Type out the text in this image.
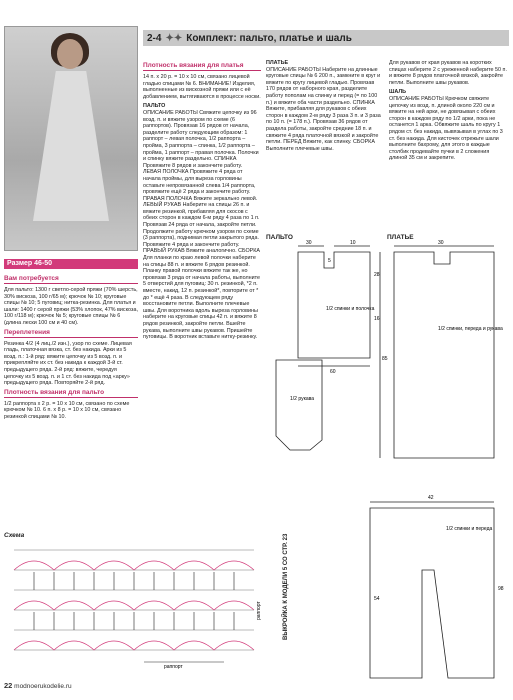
2-4 ✦✦ Комплект: пальто, платье и шаль
Размер 46-50
Вам потребуется
Для пальто: 1300 г светло-серой пряжи (70% шерсть, 30% вискоза, 100 г/65 м); крючок № 10; круговые спицы № 10; 5 пуговиц; нитка-резинка. Для платья и шали: 1400 г серой пряжи (53% хлопок, 47% вискоза, 100 г/118 м); крючок № 5; круговые спицы № 6 (длина лески 100 см и 40 см).
Переплетения
Резинка 4/2 (4 лиц./2 изн.), узор по схеме. Лицевая гладь, платочная вязка, ст. без накида. Арки из 5 возд. п.: 1-й ряд: вяжите цепочку из 5 возд. п. и прикрепляйте их ст. без накида к каждой 3-й ст. предыдущего ряда. 2-й ряд: вяжите, чередуя цепочку из 5 возд. п. и 1 ст. без накида под «арку» предыдущего ряда. Повторяйте 2-й ряд.
Плотность вязания для пальто
1/2 раппорта х 2 р. = 10 х 10 см, связано по схеме крючком № 10. 6 п. х 8 р. = 10 х 10 см, связано резинкой спицами № 10.
Плотность вязания для платья
14 п. х 20 р. = 10 х 10 см, связано лицевой гладью спицами № 6. ВНИМАНИЕ! Изделия, выполненные из вискозной пряжи или с её добавлением, вытягиваются в процессе носки.
ПАЛЬТО
ОПИСАНИЕ РАБОТЫ Свяжите цепочку из 96 возд. п. и вяжите узором по схеме (6 раппортов). Провязав 16 рядов от начала, разделите работу следующим образом: 1 раппорт – левая полочка, 1/2 раппорта – пройма, 3 раппорта – спинка, 1/2 раппорта – пройма, 1 раппорт – правая полочка. Полочки и спинку вяжите раздельно. СПИНКА Провяжите 8 рядов и закончите работу. ЛЕВАЯ ПОЛОЧКА Провяжите 4 ряда от начала проймы, для выреза горловины оставьте непровязанной слева 1/4 раппорта, провяжите ещё 2 ряда и закончите работу. ПРАВАЯ ПОЛОЧКА Вяжите зеркально левой. ЛЕВЫЙ РУКАВ Наберите на спицы 26 п. и вяжите резинкой, прибавляя для скосов с обеих сторон в каждом 6-м ряду 4 раза по 1 п. Провязав 24 ряда от начала, закройте петли. Продолжите работу крючком узором по схеме (3 раппорта), поднимая петли закрытого ряда. Провяжите 4 ряда и закончите работу. ПРАВЫЙ РУКАВ Вяжите аналогично. СБОРКА Для планки по краю левой полочки наберите на спицы 88 п. и вяжите 6 рядов резинкой. Планку правой полочки вяжите так же, но провязав 3 ряда от начала работы, выполните 5 отверстий для пуговиц: 30 п. резинкой, *2 п. вместе, накид, 12 п. резинкой*, повторите от * до * ещё 4 раза. В следующем ряду восстановите петли. Выполните плечевые швы. Для воротника вдоль выреза горловины наберите на круговые спицы 42 п. и вяжите 8 рядов резинкой, закройте петли. Вшейте рукава, выполните швы рукавов. Пришейте пуговицы. В воротник вставьте нитку-резинку.
ПЛАТЬЕ
ОПИСАНИЕ РАБОТЫ Наберите на длинные круговые спицы № 6 200 п., замкните в круг и вяжите по кругу лицевой гладью. Провязав 170 рядов от наборного края, разделите работу пополам на спинку и перед (= по 100 п.) и вяжите оба части раздельно. СПИНКА Вяжите, прибавляя для рукавов с обеих сторон в каждом 2-м ряду 3 раза 3 п. и 3 раза по 10 п. (= 178 п.). Провязав 36 рядов от раздела работы, закройте средние 18 п. и свяжите 4 ряда платочной вязкой и закройте петли. ПЕРЕД Вяжите, как спинку. СБОРКА Выполните плечевые швы.
Для рукавов от края рукавов на коротких спицах наберите 2 с уреженной наберите 50 п. и вяжите 8 рядов платочной вязкой, закройте петли. Выполните швы рукавов.
ШАЛЬ
ОПИСАНИЕ РАБОТЫ Крючком свяжите цепочку из возд. п. длиной около 220 см и вяжите на ней арки, не довязывая с обеих сторон в каждом ряду по 1/2 арки, пока не останется 1 арка. Обвяжите шаль по кругу 1 рядом ст. без накида, вывязывая в углах по 3 ст. без накида. Для кисточек отрежьте шали выполните бахрому, для этого в каждые столбик продевайте пучки в 2 сложения длиной 35 см и закрепите.
ПАЛЬТО	ПЛАТЬЕ
1/2 спинки и полочка
1/2 рукава
1/2 спинки, переда и рукава
1/2 спинки и переда
30	10
5
28
16
60
30
85
42
98
54
ВЫКРОЙКА К МОДЕЛИ 5 СО СТР. 23
Схема
раппорт
раппорт
22 modnoerukodelie.ru
